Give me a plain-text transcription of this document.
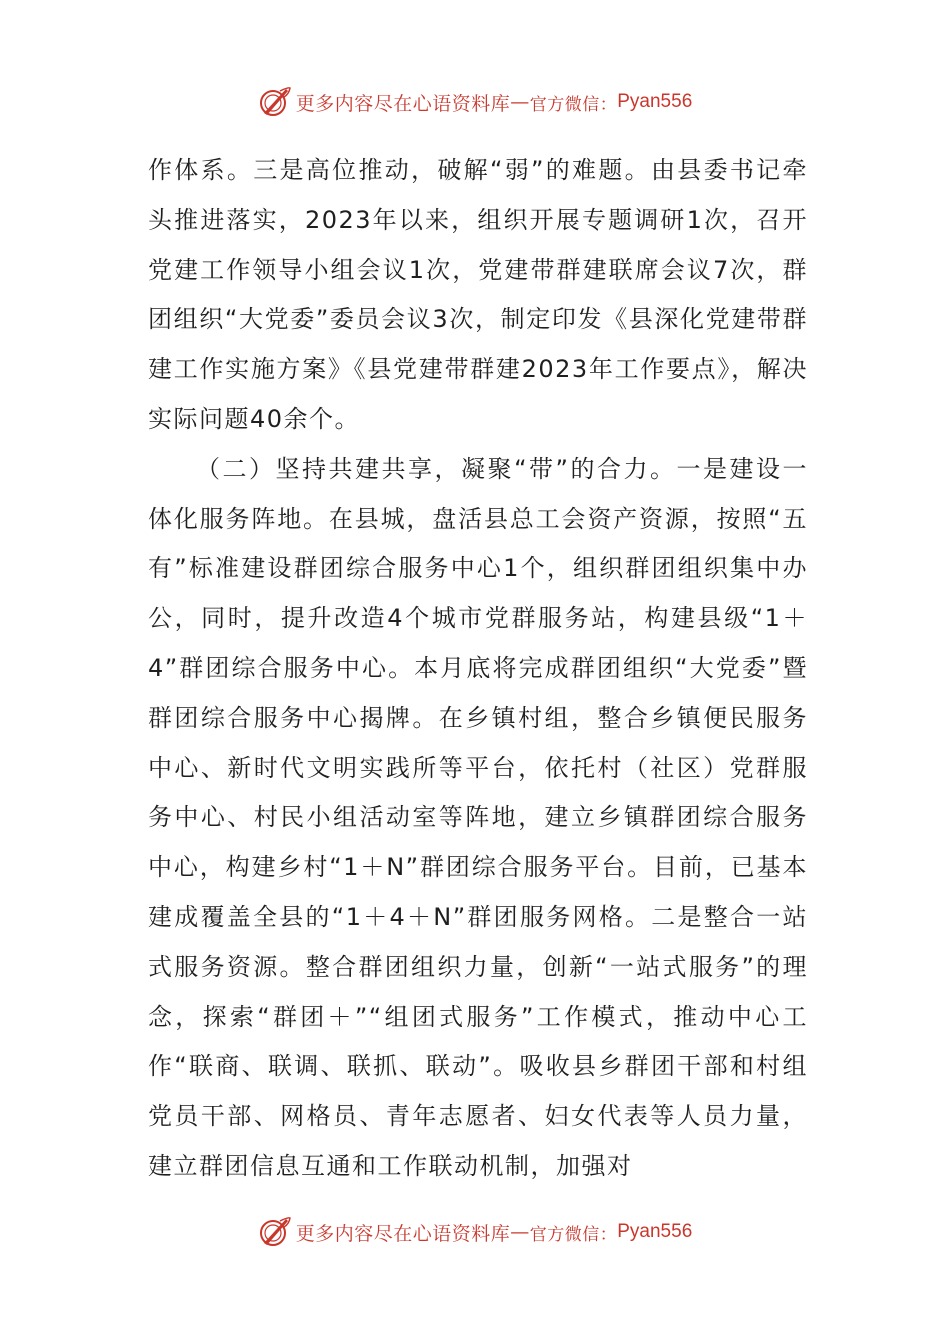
更多内容尽在心语资料库 — 官方微信： Pyan556

作体系。三是高位推动，破解“弱”的难题。由县委书记牵头推进落实，2023年以来，组织开展专题调研1次，召开党建工作领导小组会议1次，党建带群建联席会议7次，群团组织“大党委”委员会议3次，制定印发《县深化党建带群建工作实施方案》《县党建带群建2023年工作要点》，解决实际问题40余个。

（二）坚持共建共享，凝聚“带”的合力。一是建设一体化服务阵地。在县城，盘活县总工会资产资源，按照“五有”标准建设群团综合服务中心1个，组织群团组织集中办公，同时，提升改造4个城市党群服务站，构建县级“1＋4”群团综合服务中心。本月底将完成群团组织“大党委”暨群团综合服务中心揭牌。在乡镇村组，整合乡镇便民服务中心、新时代文明实践所等平台，依托村（社区）党群服务中心、村民小组活动室等阵地，建立乡镇群团综合服务中心，构建乡村“1＋N”群团综合服务平台。目前，已基本建成覆盖全县的“1＋4＋N”群团服务网格。二是整合一站式服务资源。整合群团组织力量，创新“一站式服务”的理念，探索“群团＋”“组团式服务”工作模式，推动中心工作“联商、联调、联抓、联动”。吸收县乡群团干部和村组党员干部、网格员、青年志愿者、妇女代表等人员力量，建立群团信息互通和工作联动机制，加强对

更多内容尽在心语资料库 — 官方微信： Pyan556
